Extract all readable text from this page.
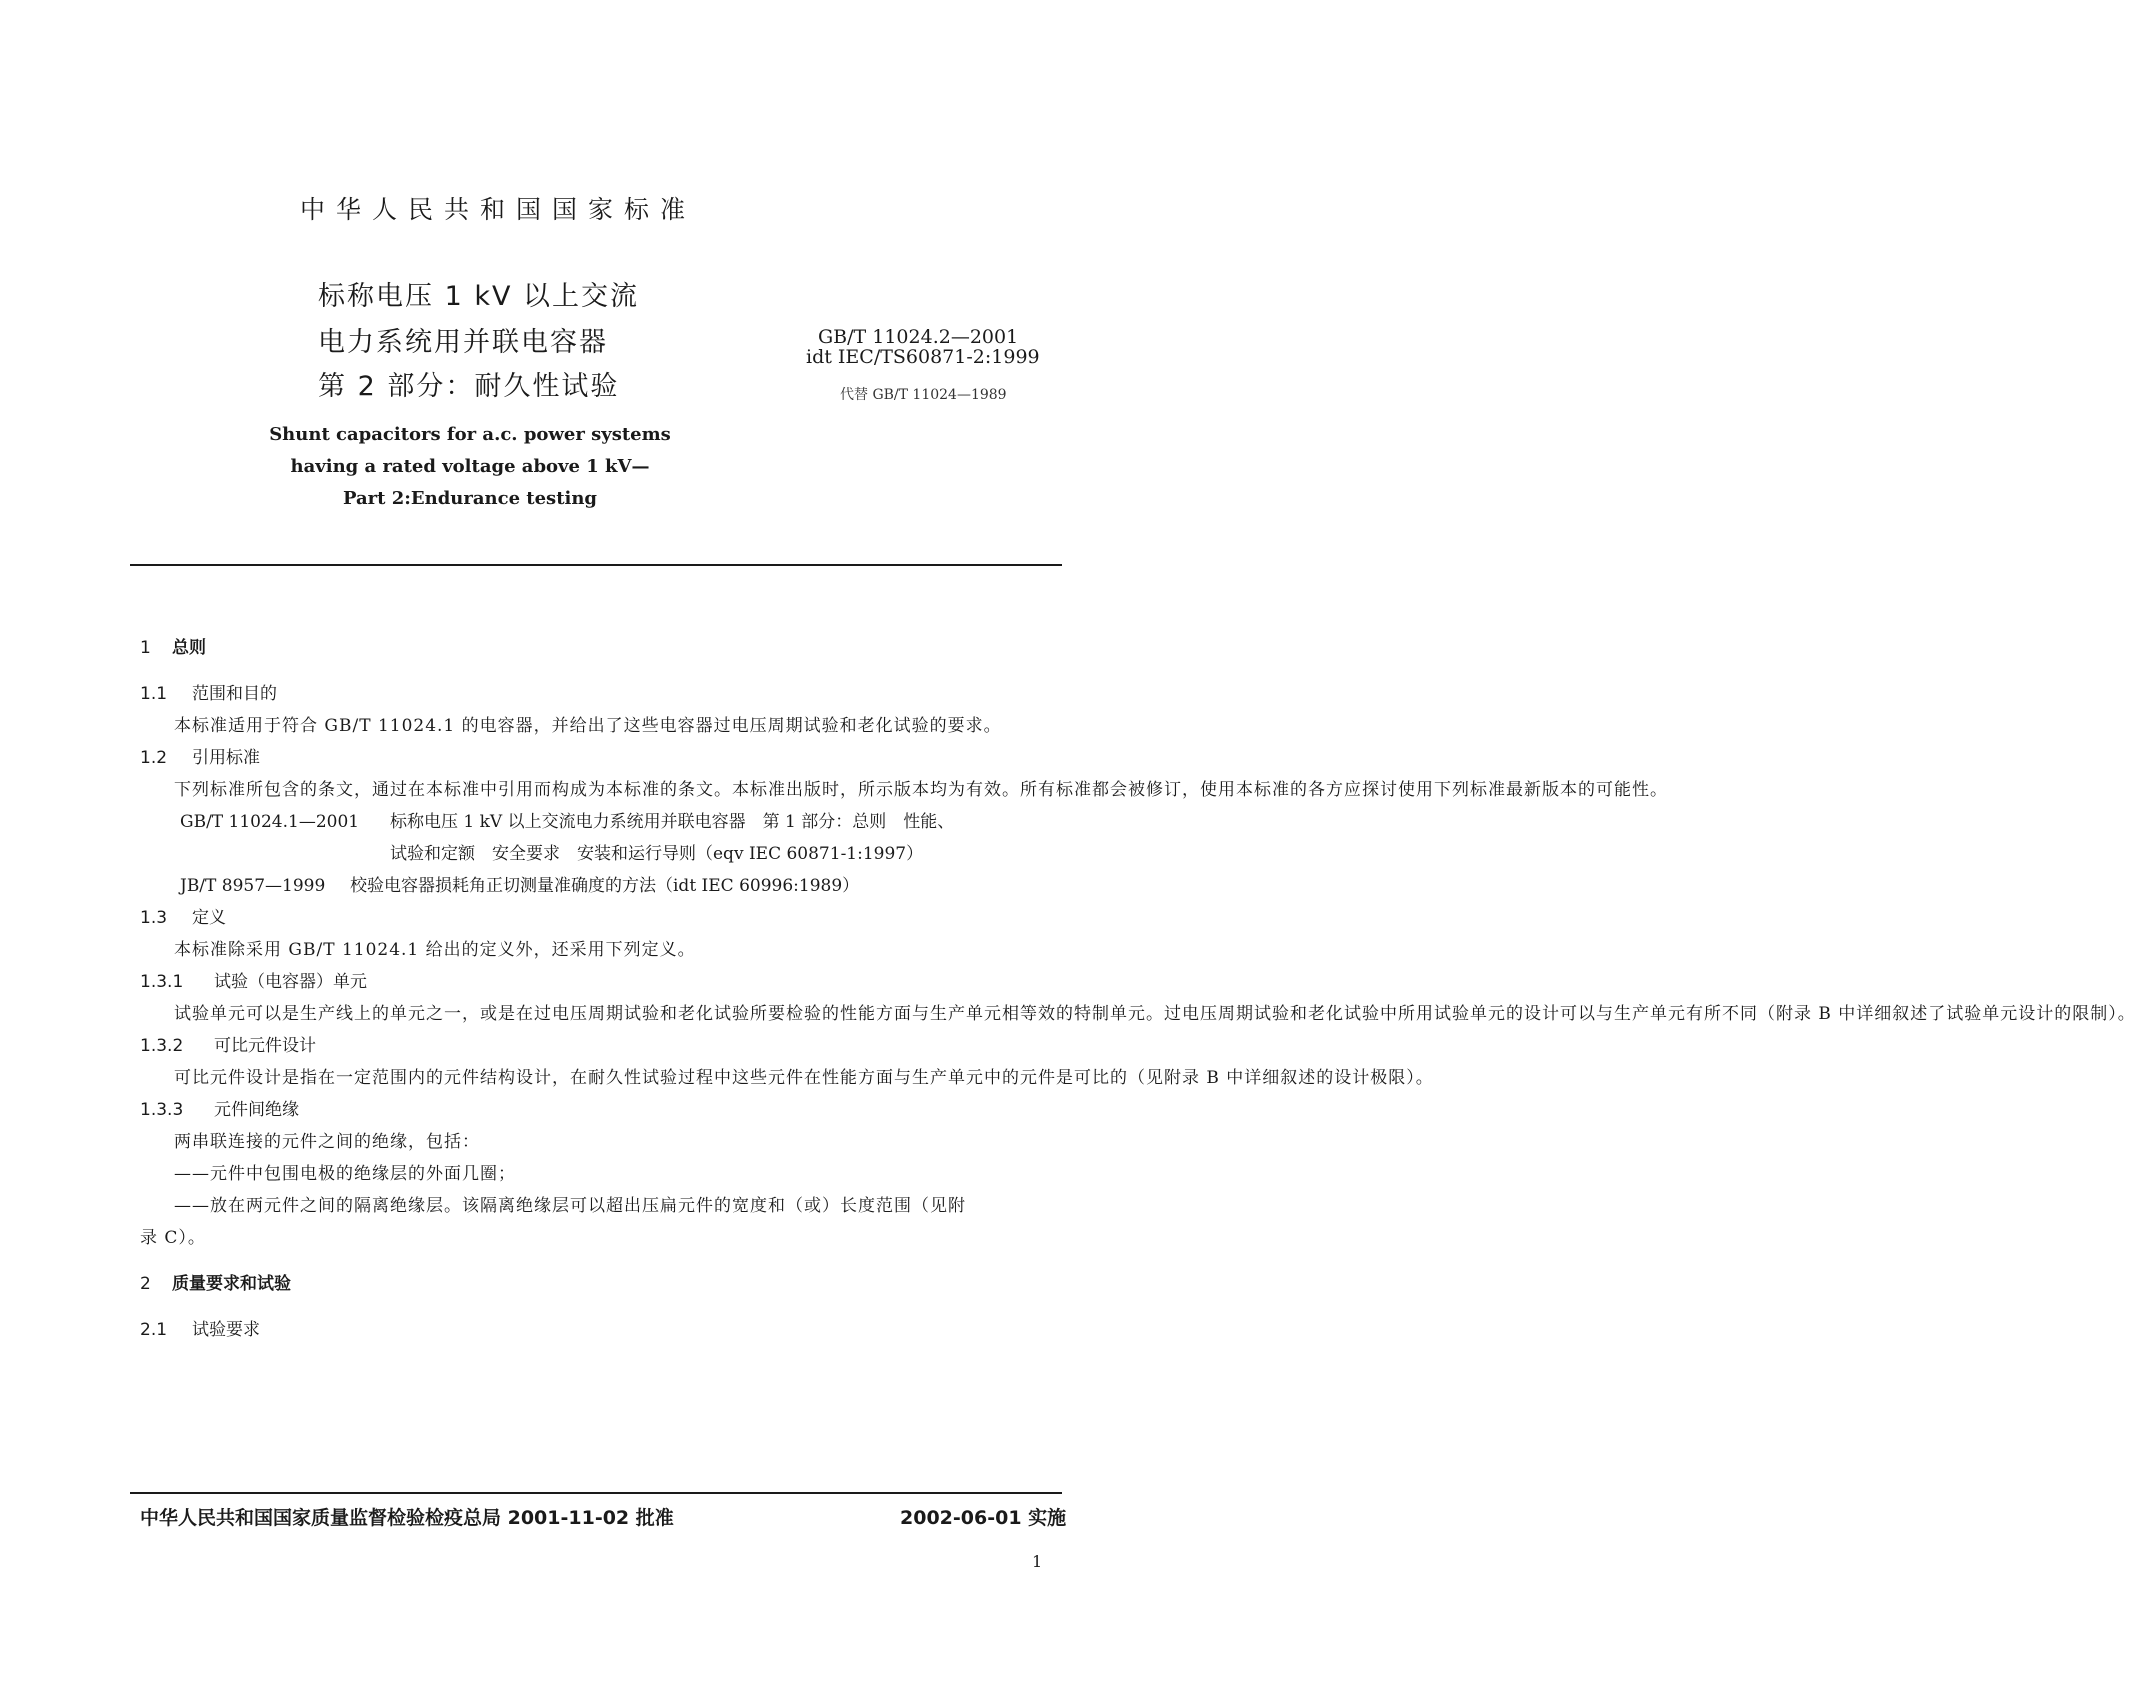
中华人民共和国国家标准
标称电压 1 kV 以上交流
电力系统用并联电容器
第 2 部分：耐久性试验
GB/T 11024.2—2001
idt IEC/TS60871-2:1999
代替 GB/T 11024—1989
Shunt capacitors for a.c. power systems
having a rated voltage above 1 kV—
Part 2:Endurance testing

1 总则

1.1 范围和目的

本标准适用于符合 GB/T 11024.1 的电容器，并给出了这些电容器过电压周期试验和老化试验的要求。

1.2 引用标准

下列标准所包含的条文，通过在本标准中引用而构成为本标准的条文。本标准出版时，所示版本均为有效。所有标准都会被修订，使用本标准的各方应探讨使用下列标准最新版本的可能性。

GB/T 11024.1—2001	标称电压 1 kV 以上交流电力系统用并联电容器　第 1 部分：总则　性能、

试验和定额　安全要求　安装和运行导则（eqv IEC 60871-1:1997）

JB/T 8957—1999	校验电容器损耗角正切测量准确度的方法（idt IEC 60996:1989）

1.3 定义

本标准除采用 GB/T 11024.1 给出的定义外，还采用下列定义。

1.3.1 试验（电容器）单元

试验单元可以是生产线上的单元之一，或是在过电压周期试验和老化试验所要检验的性能方面与生产单元相等效的特制单元。过电压周期试验和老化试验中所用试验单元的设计可以与生产单元有所不同（附录 B 中详细叙述了试验单元设计的限制）。

1.3.2 可比元件设计

可比元件设计是指在一定范围内的元件结构设计，在耐久性试验过程中这些元件在性能方面与生产单元中的元件是可比的（见附录 B 中详细叙述的设计极限）。

1.3.3 元件间绝缘

两串联连接的元件之间的绝缘，包括：

——元件中包围电极的绝缘层的外面几圈；

——放在两元件之间的隔离绝缘层。该隔离绝缘层可以超出压扁元件的宽度和（或）长度范围（见附

录 C）。

2 质量要求和试验

2.1 试验要求

中华人民共和国国家质量监督检验检疫总局 2001-11-02 批准	2002-06-01 实施
1
